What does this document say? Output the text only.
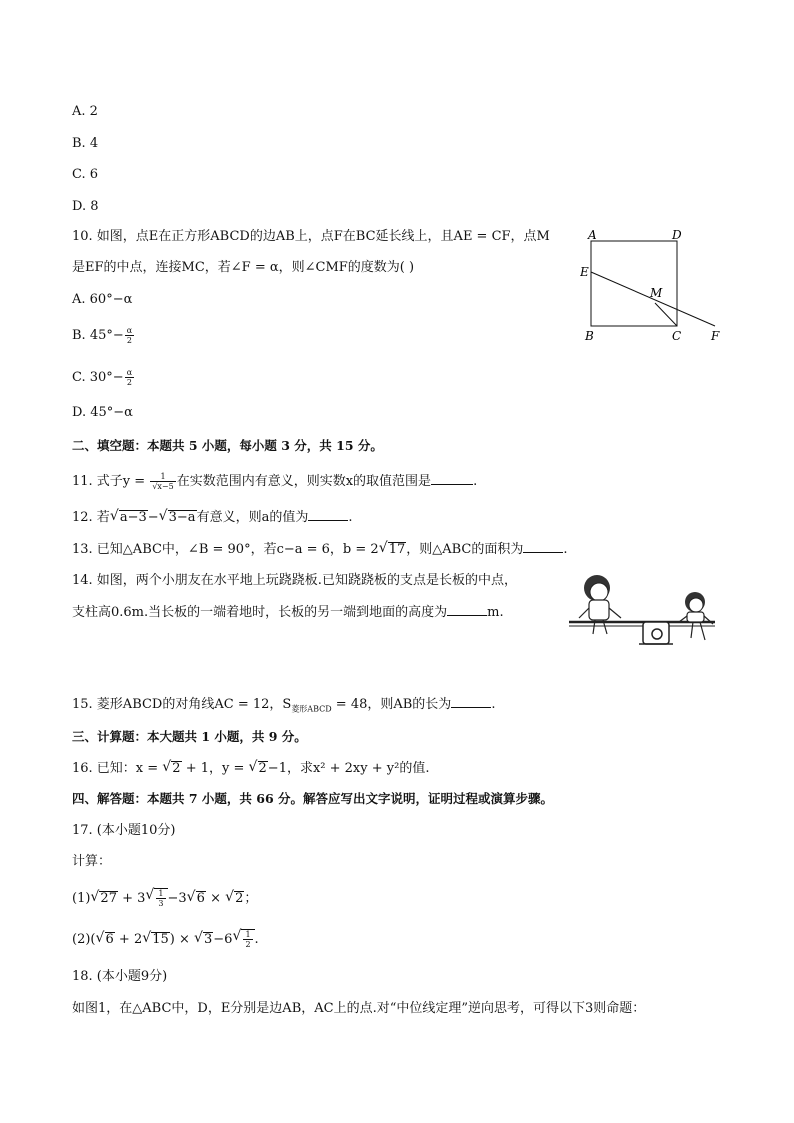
A. 2
B. 4
C. 6
D. 8
10. 如图，点E在正方形ABCD的边AB上，点F在BC延长线上，且AE = CF，点M
是EF的中点，连接MC，若∠F = α，则∠CMF的度数为( )
A. 60°−α
B. $45^\circ- \frac{\alpha}{2}$
C. $30^\circ- \frac{\alpha}{2}$
D. 45°−α
A	D
E
M
B	C F
二、填空题：本题共 5 小题，每小题 3 分，共 15 分。
11. 式子$y = \frac{1}{√x-5}$ 在实数范围内有意义，则实数x的取值范围是	.
12. 若√ a−3−√ 3−a有意义，则a的值为	.
13. 已知△ABC中，∠B = 90°，若c−a = 6，b = 2√ 17，则△ABC的面积为	.
14. 如图，两个小朋友在水平地上玩跷跷板.已知跷跷板的支点是长板的中点，
支柱高0.6m.当长板的一端着地时，长板的另一端到地面的高度为	m.
15. 菱形ABCD的对角线AC = 12，$S_{菱形ABCD} = 48$，则AB的长为	.
三、计算题：本大题共 1 小题，共 9 分。
16. 已知：x = √ 2 + 1，y = √ 2−1，求x² + 2xy + y²的值.
四、解答题：本题共 7 小题，共 66 分。解答应写出文字说明，证明过程或演算步骤。
17. (本小题10分)
计算：
(1)√ 27 + 3
√ $\frac{1}{3} -3√$ 6 × √ 2；
(2)(√ 6 + 2√ 15) × √ 3−6
√ $\frac{1}{2}$ .
18. (本小题9分)
如图1，在△ABC中，D，E分别是边AB，AC上的点.对“中位线定理”逆向思考，可得以下3则命题：
